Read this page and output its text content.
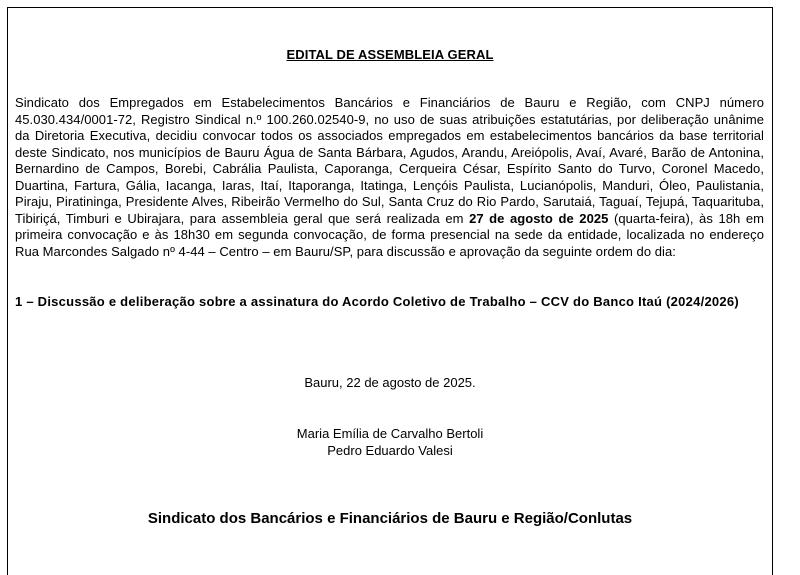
EDITAL DE ASSEMBLEIA GERAL
Sindicato dos Empregados em Estabelecimentos Bancários e Financiários de Bauru e Região, com CNPJ número 45.030.434/0001-72, Registro Sindical n.º 100.260.02540-9, no uso de suas atribuições estatutárias, por deliberação unânime da Diretoria Executiva, decidiu convocar todos os associados empregados em estabelecimentos bancários da base territorial deste Sindicato, nos municípios de Bauru Água de Santa Bárbara, Agudos, Arandu, Areiópolis, Avaí, Avaré, Barão de Antonina, Bernardino de Campos, Borebi, Cabrália Paulista, Caporanga, Cerqueira César, Espírito Santo do Turvo, Coronel Macedo, Duartina, Fartura, Gália, Iacanga, Iaras, Itaí, Itaporanga, Itatinga, Lençóis Paulista, Lucianópolis, Manduri, Óleo, Paulistania, Piraju, Piratininga, Presidente Alves, Ribeirão Vermelho do Sul, Santa Cruz do Rio Pardo, Sarutaiá, Taguaí, Tejupá, Taquarituba, Tibiriçá, Timburi e Ubirajara, para assembleia geral que será realizada em 27 de agosto de 2025 (quarta-feira), às 18h em primeira convocação e às 18h30 em segunda convocação, de forma presencial na sede da entidade, localizada no endereço Rua Marcondes Salgado nº 4-44 – Centro – em Bauru/SP, para discussão e aprovação da seguinte ordem do dia:
1 – Discussão e deliberação sobre a assinatura do Acordo Coletivo de Trabalho – CCV do Banco Itaú (2024/2026)
Bauru, 22 de agosto de 2025.
Maria Emília de Carvalho Bertoli
Pedro Eduardo Valesi
Sindicato dos Bancários e Financiários de Bauru e Região/Conlutas
